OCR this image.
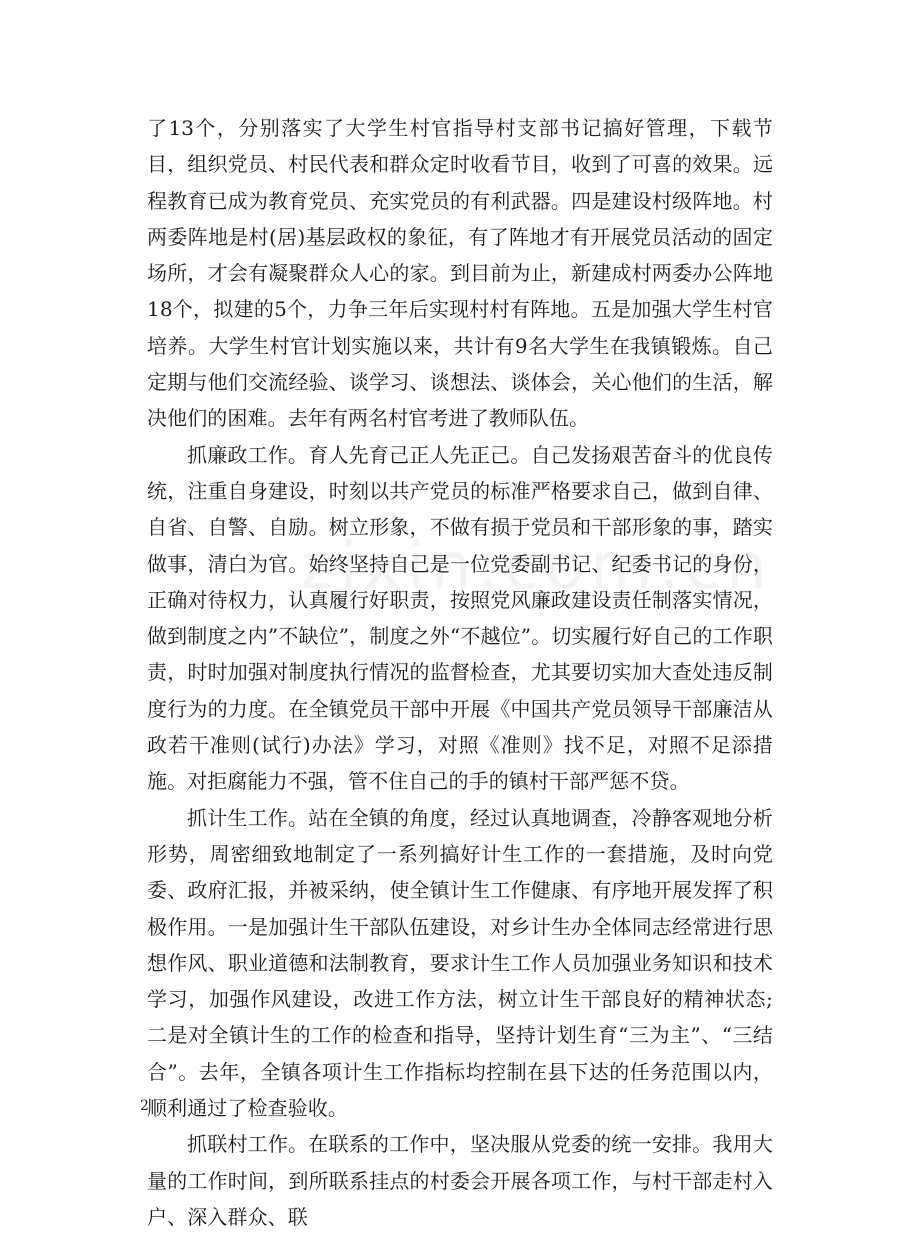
了13个，分别落实了大学生村官指导村支部书记搞好管理，下载节目，组织党员、村民代表和群众定时收看节目，收到了可喜的效果。远程教育已成为教育党员、充实党员的有利武器。四是建设村级阵地。村两委阵地是村(居)基层政权的象征，有了阵地才有开展党员活动的固定场所，才会有凝聚群众人心的家。到目前为止，新建成村两委办公阵地18个，拟建的5个，力争三年后实现村村有阵地。五是加强大学生村官培养。大学生村官计划实施以来，共计有9名大学生在我镇锻炼。自己定期与他们交流经验、谈学习、谈想法、谈体会，关心他们的生活，解决他们的困难。去年有两名村官考进了教师队伍。

抓廉政工作。育人先育己正人先正己。自己发扬艰苦奋斗的优良传统，注重自身建设，时刻以共产党员的标准严格要求自己，做到自律、自省、自警、自励。树立形象，不做有损于党员和干部形象的事，踏实做事，清白为官。始终坚持自己是一位党委副书记、纪委书记的身份，正确对待权力，认真履行好职责，按照党风廉政建设责任制落实情况，做到制度之内”不缺位”，制度之外“不越位”。切实履行好自己的工作职责，时时加强对制度执行情况的监督检查，尤其要切实加大查处违反制度行为的力度。在全镇党员干部中开展《中国共产党员领导干部廉洁从政若干准则(试行)办法》学习，对照《准则》找不足，对照不足添措施。对拒腐能力不强，管不住自己的手的镇村干部严惩不贷。

抓计生工作。站在全镇的角度，经过认真地调查，冷静客观地分析形势，周密细致地制定了一系列搞好计生工作的一套措施，及时向党委、政府汇报，并被采纳，使全镇计生工作健康、有序地开展发挥了积极作用。一是加强计生干部队伍建设，对乡计生办全体同志经常进行思想作风、职业道德和法制教育，要求计生工作人员加强业务知识和技术学习，加强作风建设，改进工作方法，树立计生干部良好的精神状态;二是对全镇计生的工作的检查和指导，坚持计划生育“三为主”、“三结合”。去年，全镇各项计生工作指标均控制在县下达的任务范围以内，顺利通过了检查验收。

抓联村工作。在联系的工作中，坚决服从党委的统一安排。我用大量的工作时间，到所联系挂点的村委会开展各项工作，与村干部走村入户、深入群众、联

2
